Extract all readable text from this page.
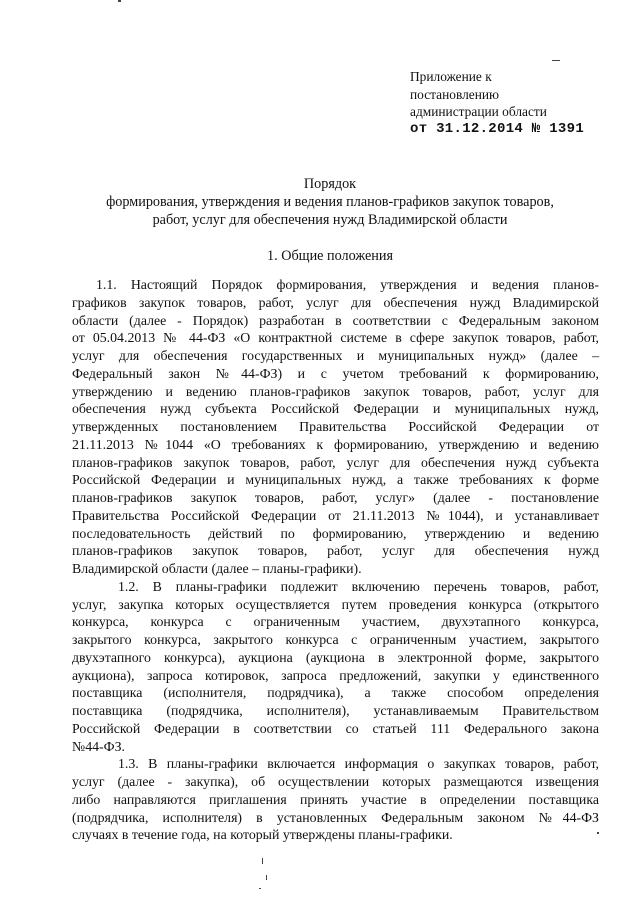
Приложение к
постановлению
администрации области
от 31.12.2014 № 1391
Порядок
формирования, утверждения и ведения планов-графиков закупок товаров,
работ, услуг для обеспечения нужд Владимирской области
1. Общие положения
1.1. Настоящий Порядок формирования, утверждения и ведения планов-
графиков закупок товаров, работ, услуг для обеспечения нужд Владимирской
области (далее - Порядок) разработан в соответствии с Федеральным законом
от 05.04.2013 № 44-ФЗ «О контрактной системе в сфере закупок товаров, работ,
услуг для обеспечения государственных и муниципальных нужд» (далее –
Федеральный закон №44-ФЗ) и с учетом требований к формированию,
утверждению и ведению планов-графиков закупок товаров, работ, услуг для
обеспечения нужд субъекта Российской Федерации и муниципальных нужд,
утвержденных постановлением Правительства Российской Федерации от
21.11.2013 №1044 «О требованиях к формированию, утверждению и ведению
планов-графиков закупок товаров, работ, услуг для обеспечения нужд субъекта
Российской Федерации и муниципальных нужд, а также требованиях к форме
планов-графиков закупок товаров, работ, услуг» (далее - постановление
Правительства Российской Федерации от 21.11.2013 №1044), и устанавливает
последовательность действий по формированию, утверждению и ведению
планов-графиков закупок товаров, работ, услуг для обеспечения нужд
Владимирской области (далее – планы-графики).
1.2. В планы-графики подлежит включению перечень товаров, работ,
услуг, закупка которых осуществляется путем проведения конкурса (открытого
конкурса, конкурса с ограниченным участием, двухэтапного конкурса,
закрытого конкурса, закрытого конкурса с ограниченным участием, закрытого
двухэтапного конкурса), аукциона (аукциона в электронной форме, закрытого
аукциона), запроса котировок, запроса предложений, закупки у единственного
поставщика (исполнителя, подрядчика), а также способом определения
поставщика (подрядчика, исполнителя), устанавливаемым Правительством
Российской Федерации в соответствии со статьей 111 Федерального закона
№44-ФЗ.
1.3. В планы-графики включается информация о закупках товаров, работ,
услуг (далее - закупка), об осуществлении которых размещаются извещения
либо направляются приглашения принять участие в определении поставщика
(подрядчика, исполнителя) в установленных Федеральным законом №44-ФЗ
случаях в течение года, на который утверждены планы-графики.
